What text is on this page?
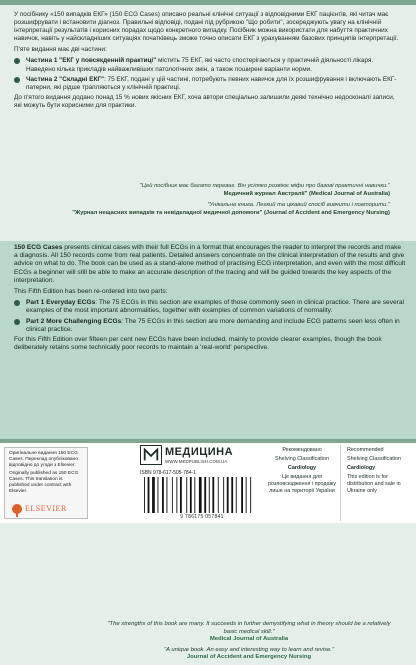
У посібнику «150 випадків ЕКГ» (150 ECG Cases) описано реальні клінічні ситуації з відповідними ЕКГ пацієнтів, які читач має розшифрувати і встановити діагноз. Правильні відповіді, подані під рубрикою "Що робити", зосереджують увагу на клінічній інтерпретації результатів і корисних порадах щодо конкретного випадку. Посібник можна використати для набуття практичних навичок, навіть у найскладніших ситуаціях початківець зможе точно описати ЕКГ з урахуванням базових принципів інтерпретації.

П'яте видання має дві частини:

Частина 1 "ЕКГ у повсякденній практиці" містить 75 ЕКГ, які часто спостерігаються у практичній діяльності лікаря. Наведено кілька прикладів найважливіших патологічних змін, а також поширені варіанти норми.
Частина 2 "Складні ЕКГ": 75 ЕКГ, подані у цій частині, потребують певних навичок для їх розшифрування і включають ЕКГ-патерни, які рідше трапляються у клінічній практиці.

До п'ятого видання додано понад 15 % нових якісних ЕКГ, хоча автори спеціально залишили деякі технічно недосконалі записи, які можуть бути корисними для практики.

"Цей посібник має багато переваг. Він усіляко розвіює міфи про базові практичні навички."
Медичний журнал Австралії" (Medical Journal of Australia)
"Унікальна книга. Легкий та цікавий спосіб вивчити і повторити."
"Журнал нещасних випадків та невідкладної медичної допомоги" (Journal of Accident and Emergency Nursing)

150 ECG Cases presents clinical cases with their full ECGs in a format that encourages the reader to interpret the records and make a diagnosis. All 150 records come from real patients. Detailed answers concentrate on the clinical interpretation of the results and give advice on what to do. The book can be used as a stand-alone method of practising ECG interpretation, and even with the most difficult ECGs a beginner will still be able to make an accurate description of the tracing and will be guided towards the key aspects of the interpretation.

This Fifth Edition has been re-ordered into two parts:

Part 1 Everyday ECGs: The 75 ECGs in this section are examples of those commonly seen in clinical practice. There are several examples of the most important abnormalities, together with examples of common variations of normality.
Part 2 More Challenging ECGs: The 75 ECGs in this section are more demanding and include ECG patterns seen less often in clinical practice.

For this Fifth Edition over fifteen per cent new ECGs have been included, mainly to provide clearer examples, though the book deliberately retains some technically poor records to maintain a 'real-world' perspective.

"The strengths of this book are many. It succeeds in further demystifying what in theory should be a relatively basic medical skill."
Medical Journal of Australia
"A unique book. An easy and interesting way to learn and revise."
Journal of Accident and Emergency Nursing

Оригінальне видання 150 ECG Cases. Переклад опубліковано відповідно до угоди з Elsevier.

Originally published as 150 ECG Cases. This translation is published under contract with Elsevier.

ELSEVIER
МЕДИЦИНА
WWW.MEDPUBLISH.COM.UA
ISBN 978-617-505-784-1
9 786175 057841

Рекомендовано

Shelving Classification

Cardiology

Це видання для розповсюдження і продажу лише на території України

Recommended

Shelving Classification

Cardiology

This edition is for distribution and sale in Ukraine only
